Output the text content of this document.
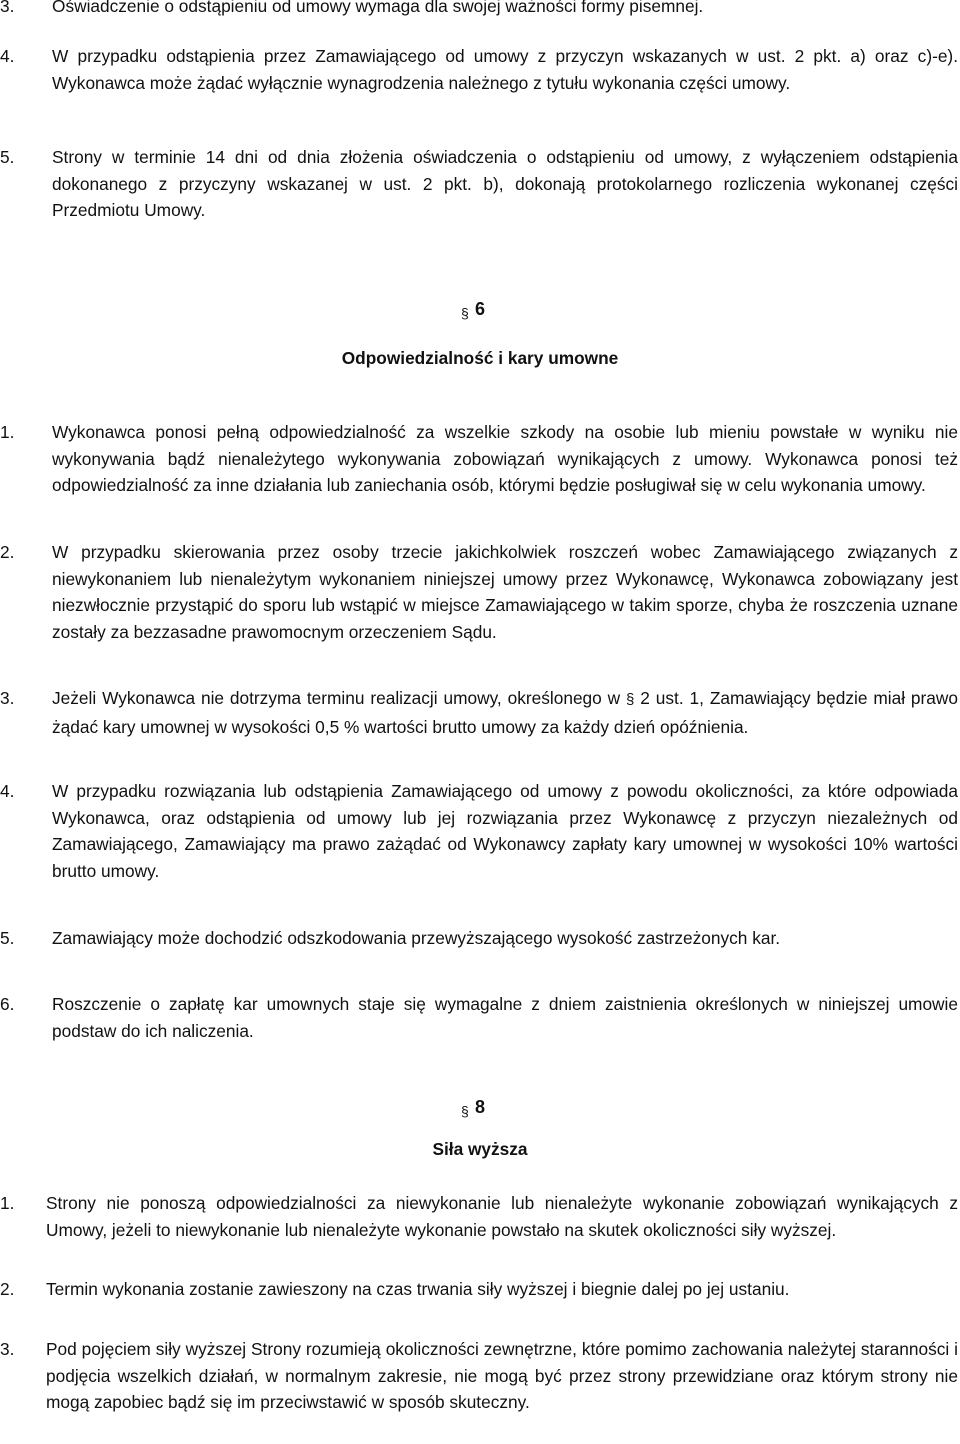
3. Oświadczenie o odstąpieniu od umowy wymaga dla swojej ważności formy pisemnej.
4. W przypadku odstąpienia przez Zamawiającego od umowy z przyczyn wskazanych w ust. 2 pkt. a) oraz c)-e). Wykonawca może żądać wyłącznie wynagrodzenia należnego z tytułu wykonania części umowy.
5. Strony w terminie 14 dni od dnia złożenia oświadczenia o odstąpieniu od umowy, z wyłączeniem odstąpienia dokonanego z przyczyny wskazanej w ust. 2 pkt. b), dokonają protokolarnego rozliczenia wykonanej części Przedmiotu Umowy.
§ 6
Odpowiedzialność i kary umowne
1. Wykonawca ponosi pełną odpowiedzialność za wszelkie szkody na osobie lub mieniu powstałe w wyniku nie wykonywania bądź nienależytego wykonywania zobowiązań wynikających z umowy. Wykonawca ponosi też odpowiedzialność za inne działania lub zaniechania osób, którymi będzie posługiwał się w celu wykonania umowy.
2. W przypadku skierowania przez osoby trzecie jakichkolwiek roszczeń wobec Zamawiającego związanych z niewykonaniem lub nienależytym wykonaniem niniejszej umowy przez Wykonawcę, Wykonawca zobowiązany jest niezwłocznie przystąpić do sporu lub wstąpić w miejsce Zamawiającego w takim sporze, chyba że roszczenia uznane zostały za bezzasadne prawomocnym orzeczeniem Sądu.
3. Jeżeli Wykonawca nie dotrzyma terminu realizacji umowy, określonego w § 2 ust. 1, Zamawiający będzie miał prawo żądać kary umownej w wysokości 0,5 % wartości brutto umowy za każdy dzień opóźnienia.
4. W przypadku rozwiązania lub odstąpienia Zamawiającego od umowy z powodu okoliczności, za które odpowiada Wykonawca, oraz odstąpienia od umowy lub jej rozwiązania przez Wykonawcę z przyczyn niezależnych od Zamawiającego, Zamawiający ma prawo zażądać od Wykonawcy zapłaty kary umownej w wysokości 10% wartości brutto umowy.
5. Zamawiający może dochodzić odszkodowania przewyższającego wysokość zastrzeżonych kar.
6. Roszczenie o zapłatę kar umownych staje się wymagalne z dniem zaistnienia określonych w niniejszej umowie podstaw do ich naliczenia.
§ 8
Siła wyższa
1. Strony nie ponoszą odpowiedzialności za niewykonanie lub nienależyte wykonanie zobowiązań wynikających z Umowy, jeżeli to niewykonanie lub nienależyte wykonanie powstało na skutek okoliczności siły wyższej.
2. Termin wykonania zostanie zawieszony na czas trwania siły wyższej i biegnie dalej po jej ustaniu.
3. Pod pojęciem siły wyższej Strony rozumieją okoliczności zewnętrzne, które pomimo zachowania należytej staranności i podjęcia wszelkich działań, w normalnym zakresie, nie mogą być przez strony przewidziane oraz którym strony nie mogą zapobiec bądź się im przeciwstawić w sposób skuteczny.
